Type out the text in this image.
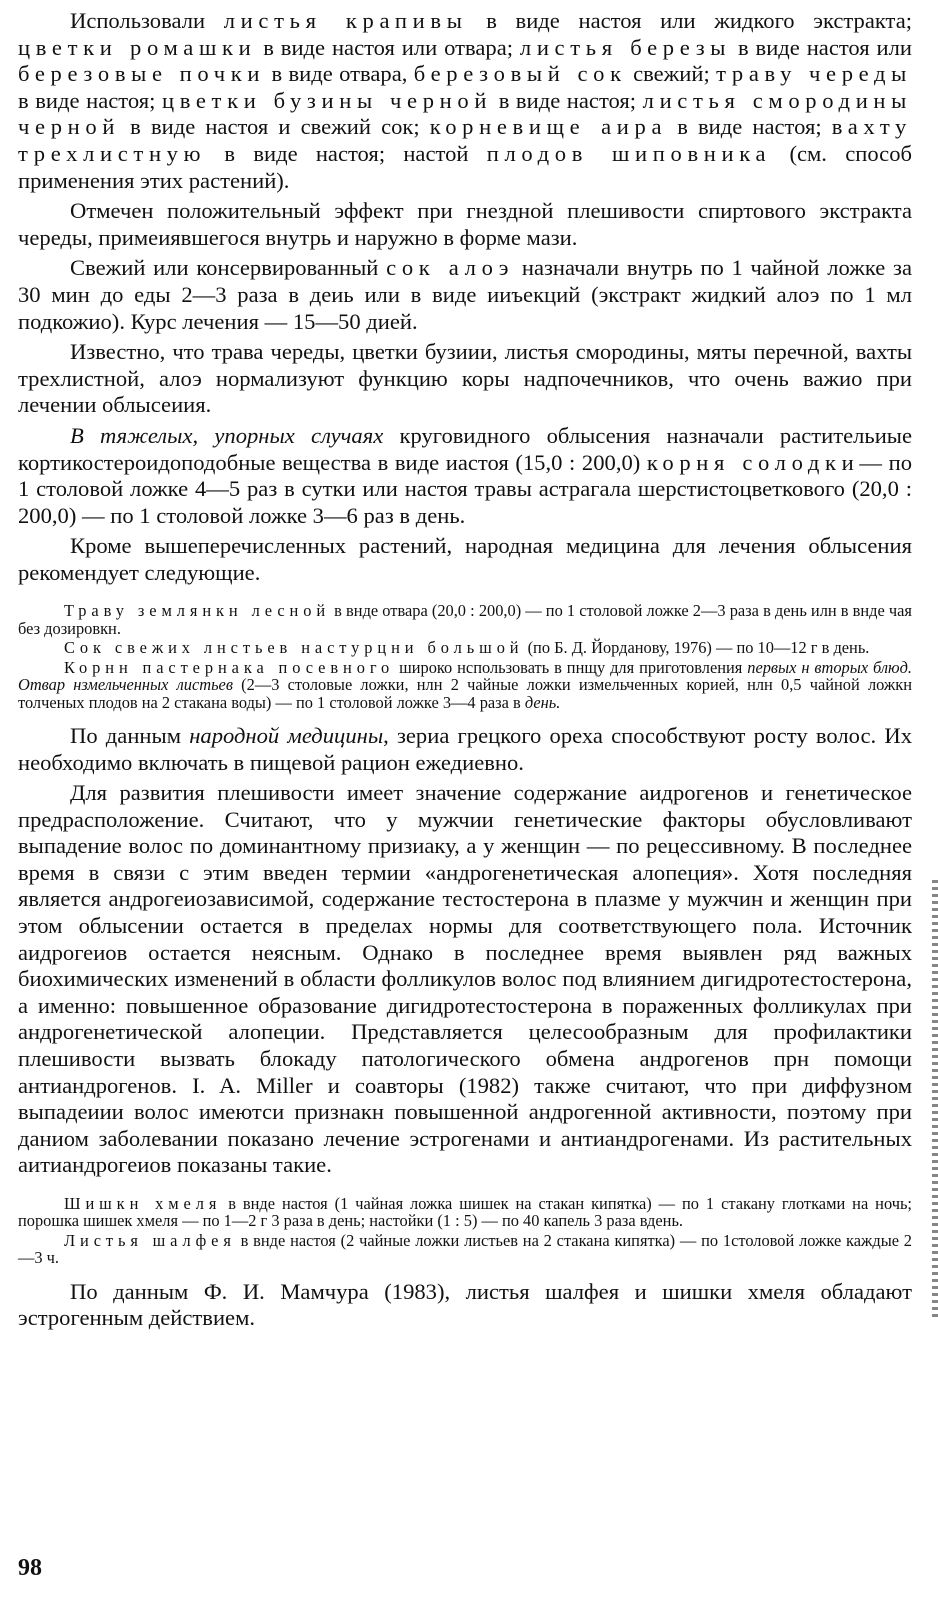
Использовали листья крапивы в виде настоя или жидкого экстракта; цветки ромашки в виде настоя или отвара; листья березы в виде настоя или березовые почки в виде отвара, березовый сок свежий; траву череды в виде настоя; цветки бузины черной в виде настоя; листья смородины черной в виде настоя и свежий сок; корневище аира в виде настоя; вахту трехлистную в виде настоя; настой плодов шиповника (см. способ применения этих растений).

Отмечен положительный эффект при гнездной плешивости спиртового экстракта череды, примеиявшегося внутрь и наружно в форме мази.

Свежий или консервированный сок алоэ назначали внутрь по 1 чайной ложке за 30 мин до еды 2—3 раза в деиь или в виде ииъекций (экстракт жидкий алоэ по 1 мл подкожио). Курс лечения — 15—50 дией.

Известно, что трава череды, цветки бузиии, листья смородины, мяты перечной, вахты трехлистной, алоэ нормализуют функцию коры надпочечников, что очень важио при лечении облысеиия.

В тяжелых, упорных случаях круговидного облысения назначали растительиые кортикостероидоподобные вещества в виде иастоя (15,0 : 200,0) корня солодки— по 1 столовой ложке 4—5 раз в сутки или настоя травы астрагала шерстистоцветкового (20,0 : 200,0) — по 1 столовой ложке 3—6 раз в день.

Кроме вышеперечисленных растений, народная медицина для лечения облысения рекомендует следующие.

Траву землянкн лесной в внде отвара (20,0 : 200,0) — по 1 столовой ложке 2—3 раза в день илн в внде чая без дозировкн.

Сок свежих лнстьев настурцни большой (по Б. Д. Йорданову, 1976) — по 10—12 г в день.

Корнн пастернака посевного широко нспользовать в пнщу для приготовления первых н вторых блюд. Отвар нзмельченных листьев (2—3 столовые ложки, нлн 2 чайные ложки измельченных корией, нлн 0,5 чайной ложкн толченых плодов на 2 стакана воды) — по 1 столовой ложке 3—4 раза в день.

По данным народной медицины, зериа грецкого ореха способствуют росту волос. Их необходимо включать в пищевой рацион ежедиевно.

Для развития плешивости имеет значение содержание аидрогенов и генетическое предрасположение. Считают, что у мужчии генетические факторы обусловливают выпадение волос по доминантному призиаку, а у женщин — по рецессивному. В последнее время в связи с этим введен термии «андрогенетическая алопеция». Хотя последняя является андрогеиозависимой, содержание тестостерона в плазме у мужчин и женщин при этом облысении остается в пределах нормы для соответствующего пола. Источник аидрогеиов остается неясным. Однако в последнее время выявлен ряд важных биохимических изменений в области фолликулов волос под влиянием дигидротестостерона, а именно: повышенное образование дигидротестостерона в пораженных фолликулах при андрогенетической алопеции. Представляется целесообразным для профилактики плешивости вызвать блокаду патологического обмена андрогенов прн помощи антиандрогенов. I. A. Miller и соавторы (1982) также считают, что при диффузном выпадеиии волос имеютси признакн повышенной андрогенной активности, поэтому при даниом заболевании показано лечение эстрогенами и антиандрогенами. Из растительных аитиандрогеиов показаны такие.

Шишкн хмеля в внде настоя (1 чайная ложка шишек на стакан кипятка) — по 1 стакану глотками на ночь; порошка шишек хмеля — по 1—2 г 3 раза в день; настойки (1 : 5) — по 40 капель 3 раза вдень.

Листья шалфея в внде настоя (2 чайные ложки листьев на 2 стакана кипятка) — по 1столовой ложке каждые 2—3 ч.

По данным Ф. И. Мамчура (1983), листья шалфея и шишки хмеля обладают эстрогенным действием.

98
